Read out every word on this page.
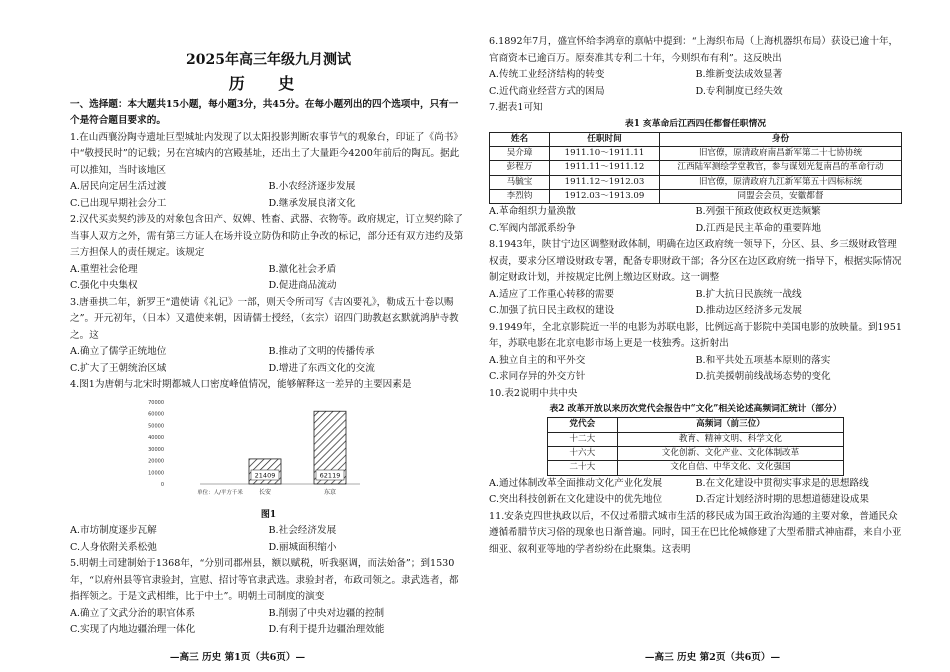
2025年高三年级九月测试
历 史
一、选择题：本大题共15小题，每小题3分，共45分。在每小题列出的四个选项中，只有一个是符合题目要求的。
1.在山西襄汾陶寺遗址巨型城址内发现了以太阳投影判断农事节气的观象台，印证了《尚书》中“敬授民时”的记载；另在宫城内的宫殿基址，还出土了大量距今4200年前后的陶瓦。据此可以推知，当时该地区
A.居民向定居生活过渡	B.小农经济逐步发展
C.已出现早期社会分工	D.继承发展良渚文化
2.汉代买卖契约涉及的对象包含田产、奴婢、牲畜、武器、衣物等。政府规定，订立契约除了当事人双方之外，需有第三方证人在场并设立防伪和防止争改的标记，部分还有双方违约及第三方担保人的责任规定。该规定
A.重塑社会伦理	B.激化社会矛盾
C.强化中央集权	D.促进商品流动
3.唐垂拱二年，新罗王“遣使请《礼记》一部，则天令所司写《吉凶要礼》，勒成五十卷以赐之”。开元初年，（日本）又遣使来朝，因请儒士授经，（玄宗）诏四门助教赵玄默就鸿胪寺教之。这
A.确立了儒学正统地位	B.推动了文明的传播传承
C.扩大了王朝统治区域	D.增进了东西文化的交流
4.图1为唐朝与北宋时期都城人口密度峰值情况，能够解释这一差异的主要因素是
70000
60000
50000
40000
30000
20000
10000
0
单位：人/平方千米
21409
长安
62119
东京
图1
A.市坊制度逐步瓦解	B.社会经济发展
C.人身依附关系松弛	D.丽城面积缩小
5.明朝土司建制始于1368年，“分别司郡州县，额以赋税，听我驱调，而法始备”；到1530年，“以府州县等官隶验封，宣慰、招讨等官隶武选。隶验封者，布政司领之。隶武选者，都指挥领之。于是文武相维，比于中土”。明朝土司制度的演变
A.确立了文武分治的职官体系	B.削弱了中央对边疆的控制
C.实现了内地边疆治理一体化	D.有利于提升边疆治理效能
—高三 历史 第1页（共6页）—
6.1892年7月，盛宣怀给李鸿章的禀帖中提到：“上海织布局（上海机器织布局）获设已逾十年，官商资本已逾百万。原奏准其专利二十年，今则织布有利”。这反映出
A.传统工业经济结构的转变	B.维新变法成效显著
C.近代商业经营方式的困局	D.专利制度已经失效
7.据表1可知
表1 亥革命后江西四任都督任职情况
姓名	任职时间	身份
吴介璋	1911.10～1911.11	旧官僚，原清政府南昌新军第二十七协协统
彭程万	1911.11～1911.12	江西陆军测绘学堂教官，参与谋划光复南昌的革命行动
马毓宝	1911.12～1912.03	旧官僚，原清政府九江新军第五十四标标统
李烈钧	1912.03～1913.09	同盟会会员，安徽都督
A.革命组织力量涣散	B.列强干预政使政权更迭频繁
C.军阀内部派系纷争	D.江西是民主革命的重要阵地
8.1943年，陕甘宁边区调整财政体制，明确在边区政府统一领导下，分区、县、乡三级财政管理权责，要求分区增设财政专署，配备专职财政干部；各分区在边区政府统一指导下，根据实际情况制定财政计划，并按规定比例上缴边区财政。这一调整
A.适应了工作重心转移的需要	B.扩大抗日民族统一战线
C.加强了抗日民主政权的建设	D.推动边区经济多元发展
9.1949年，全北京影院近一半的电影为苏联电影，比例远高于影院中美国电影的放映量。到1951年，苏联电影在北京电影市场上更是一枝独秀。这折射出
A.独立自主的和平外交	B.和平共处五项基本原则的落实
C.求同存异的外交方针	D.抗美援朝前线战场态势的变化
10.表2说明中共中央
表2 改革开放以来历次党代会报告中“文化”相关论述高频词汇统计（部分）
党代会	高频词（前三位）
十二大	教育、精神文明、科学文化
十六大	文化创新、文化产业、文化体制改革
二十大	文化自信、中华文化、文化强国
A.通过体制改革全面推动文化产业化发展	B.在文化建设中贯彻实事求是的思想路线
C.突出科技创新在文化建设中的优先地位	D.否定计划经济时期的思想道德建设成果
11.安条克四世执政以后，不仅过希腊式城市生活的移民成为国王政治沟通的主要对象，普通民众遵循希腊节庆习俗的现象也日渐普遍。同时，国王在巴比伦城修建了大型希腊式神庙群，来自小亚细亚、叙利亚等地的学者纷纷在此聚集。这表明
—高三 历史 第2页（共6页）—
